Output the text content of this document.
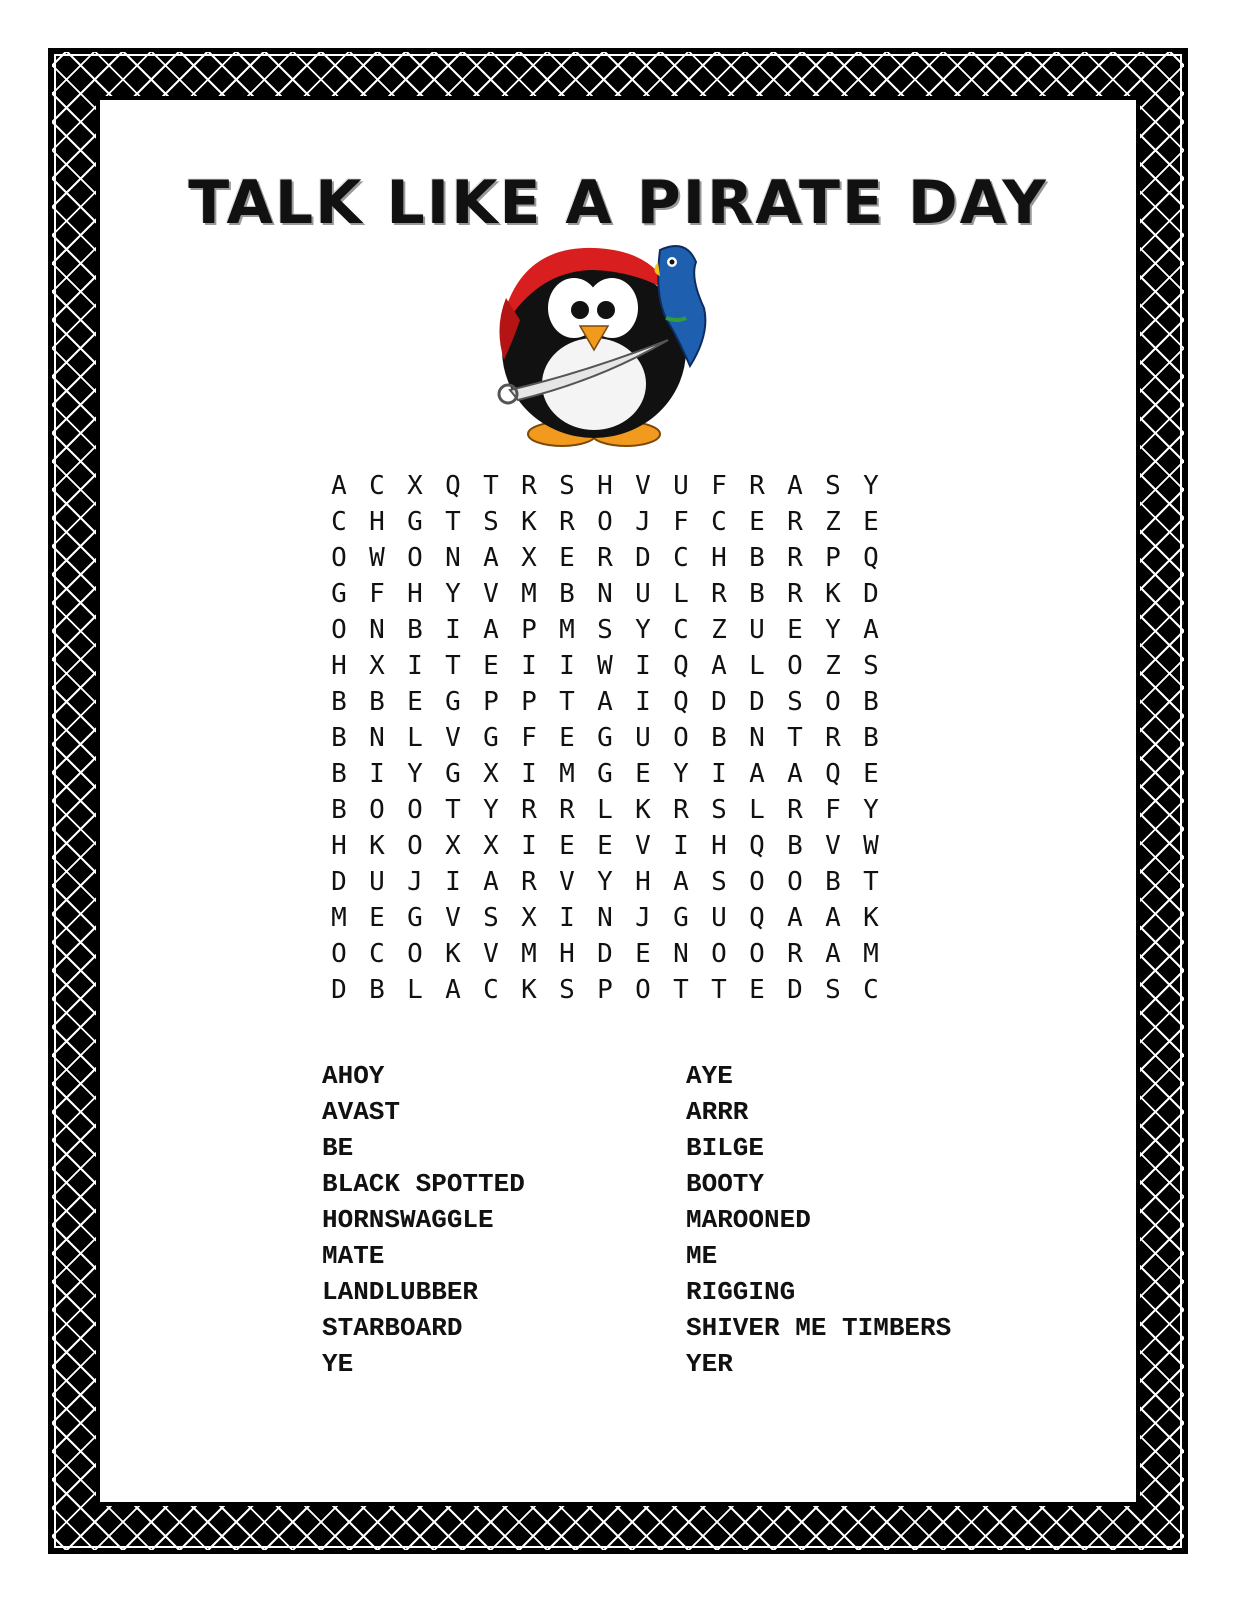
TALK LIKE A PIRATE DAY
A C X Q T R S H V U F R A S Y
C H G T S K R O J F C E R Z E
O W O N A X E R D C H B R P Q
G F H Y V M B N U L R B R K D
O N B I A P M S Y C Z U E Y A
H X I T E I I W I Q A L O Z S
B B E G P P T A I Q D D S O B
B N L V G F E G U O B N T R B
B I Y G X I M G E Y I A A Q E
B O O T Y R R L K R S L R F Y
H K O X X I E E V I H Q B V W
D U J I A R V Y H A S O O B T
M E G V S X I N J G U Q A A K
O C O K V M H D E N O O R A M
D B L A C K S P O T T E D S C
AHOY	AYE
AVAST	ARRR
BE	BILGE
BLACK SPOTTED	BOOTY
HORNSWAGGLE	MAROONED
MATE	ME
LANDLUBBER	RIGGING
STARBOARD	SHIVER ME TIMBERS
YE	YER
